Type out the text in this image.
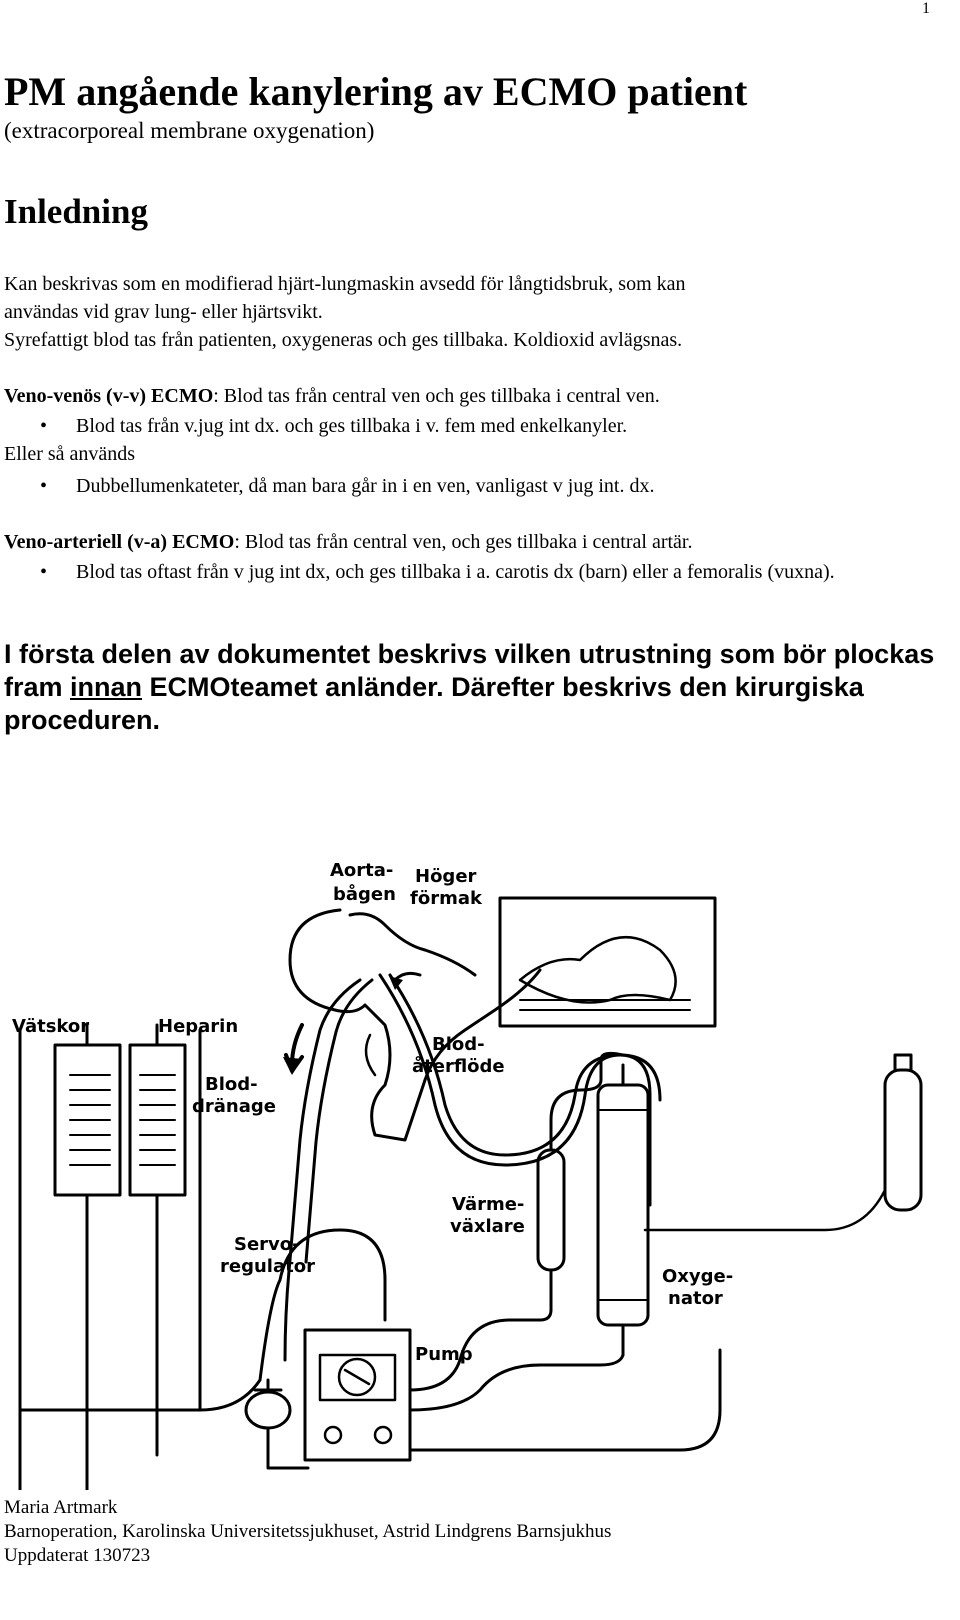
1
PM angående kanylering av ECMO patient
(extracorporeal membrane oxygenation)
Inledning
Kan beskrivas som en modifierad hjärt-lungmaskin avsedd för långtidsbruk, som kan
användas vid grav lung- eller hjärtsvikt.
Syrefattigt blod tas från patienten, oxygeneras och ges tillbaka. Koldioxid avlägsnas.
Veno-venös (v-v) ECMO: Blod tas från central ven och ges tillbaka i central ven.
• Blod tas från v.jug int dx. och ges tillbaka i v. fem med enkelkanyler.
Eller så används
• Dubbellumenkateter, då man bara går in i en ven, vanligast v jug int. dx.
Veno-arteriell (v-a) ECMO: Blod tas från central ven, och ges tillbaka i central artär.
• Blod tas oftast från v jug int dx, och ges tillbaka i a. carotis dx (barn) eller a femoralis (vuxna).
I första delen av dokumentet beskrivs vilken utrustning som bör plockas fram innan ECMOteamet anländer. Därefter beskrivs den kirurgiska proceduren.
Aorta-
bågen
Höger
förmak
Vätskor	Heparin
Blod-
återflöde
Blod-
dränage
Värme-
växlare
Servo-
regulator	Oxyge-
nator
Pump
Maria Artmark
Barnoperation, Karolinska Universitetssjukhuset, Astrid Lindgrens Barnsjukhus
Uppdaterat 130723
